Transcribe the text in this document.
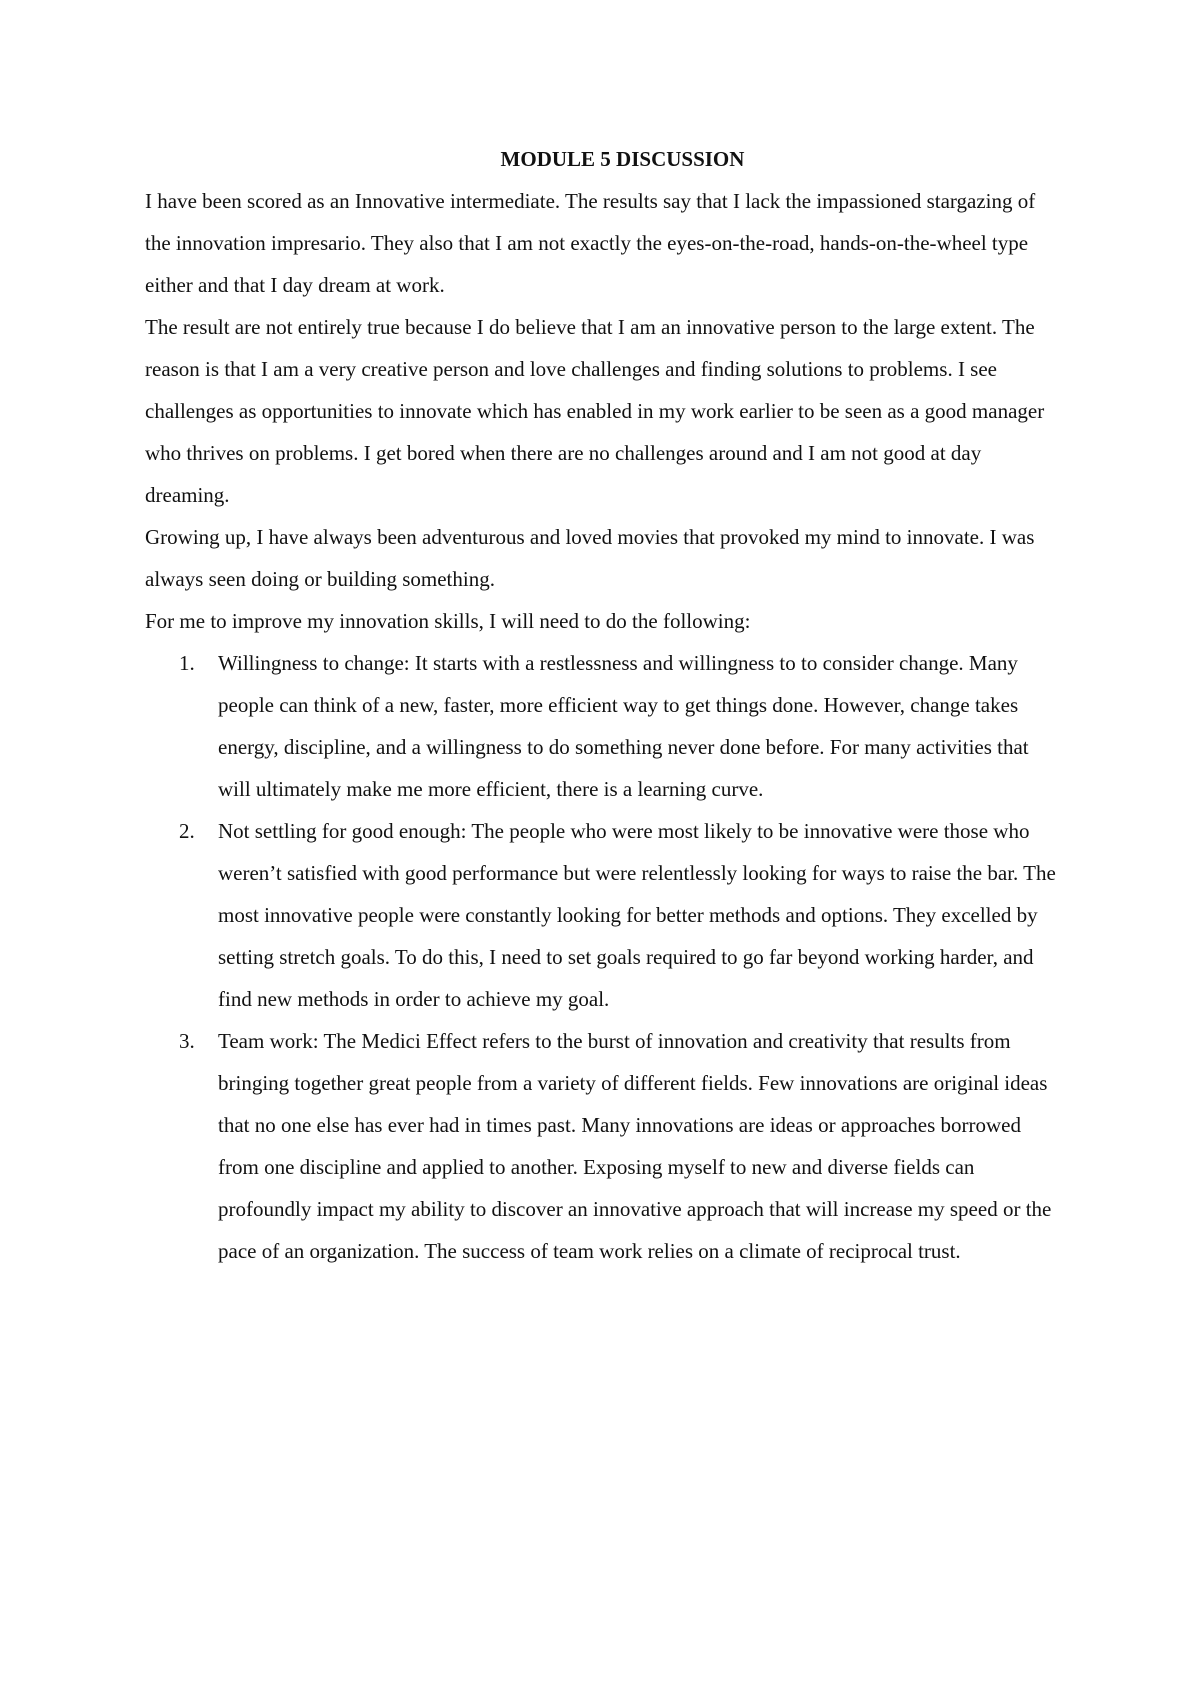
MODULE 5 DISCUSSION

I have been scored as an Innovative intermediate. The results say that I lack the impassioned stargazing of the innovation impresario. They also that I am not exactly the eyes-on-the-road, hands-on-the-wheel type either and that I day dream at work.

The result are not entirely true because I do believe that I am an innovative person to the large extent. The reason is that I am a very creative person and love challenges and finding solutions to problems. I see challenges as opportunities to innovate which has enabled in my work earlier to be seen as a good manager who thrives on problems. I get bored when there are no challenges around and I am not good at day dreaming.

Growing up, I have always been adventurous and loved movies that provoked my mind to innovate. I was always seen doing or building something.

For me to improve my innovation skills, I will need to do the following:

1. Willingness to change: It starts with a restlessness and willingness to to consider change. Many people can think of a new, faster, more efficient way to get things done. However, change takes energy, discipline, and a willingness to do something never done before. For many activities that will ultimately make me more efficient, there is a learning curve.
2. Not settling for good enough: The people who were most likely to be innovative were those who weren’t satisfied with good performance but were relentlessly looking for ways to raise the bar. The most innovative people were constantly looking for better methods and options. They excelled by setting stretch goals. To do this, I need to set goals required to go far beyond working harder, and find new methods in order to achieve my goal.
3. Team work: The Medici Effect refers to the burst of innovation and creativity that results from bringing together great people from a variety of different fields. Few innovations are original ideas that no one else has ever had in times past. Many innovations are ideas or approaches borrowed from one discipline and applied to another. Exposing myself to new and diverse fields can profoundly impact my ability to discover an innovative approach that will increase my speed or the pace of an organization. The success of team work relies on a climate of reciprocal trust.
